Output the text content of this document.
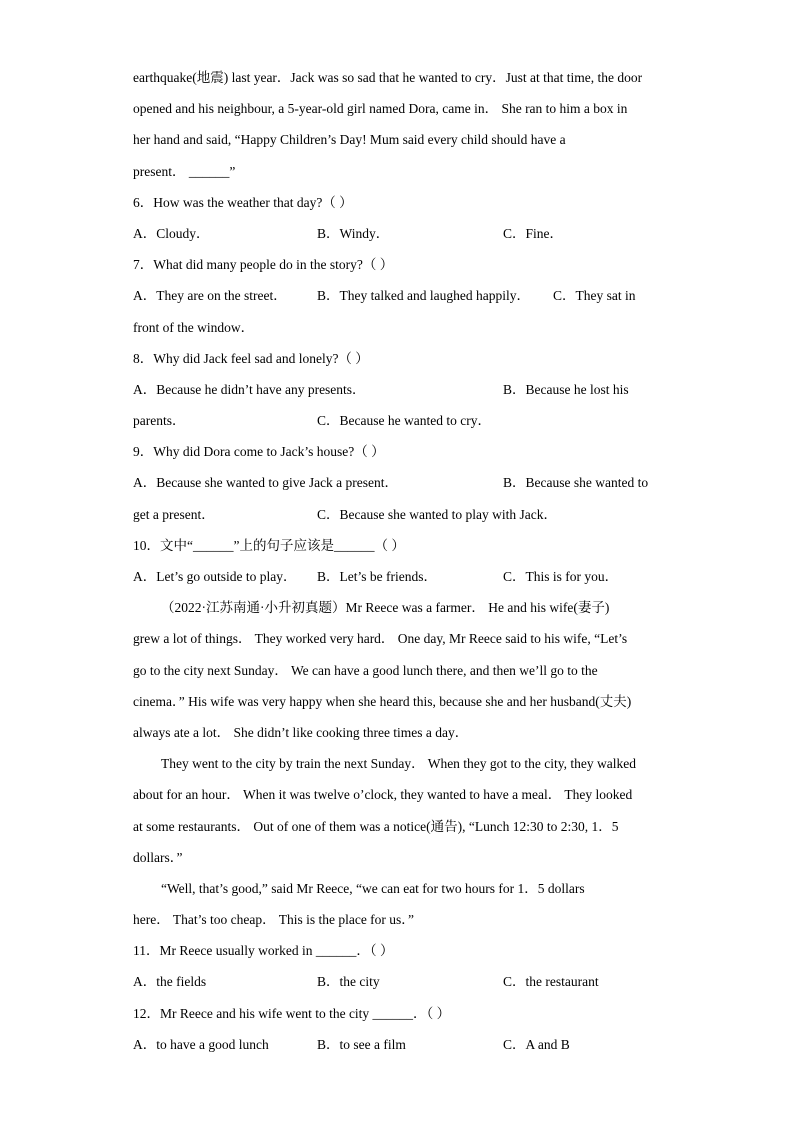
earthquake(地震) last year．Jack was so sad that he wanted to cry．Just at that time, the door
opened and his neighbour, a 5-year-old girl named Dora, came in． She ran to him a box in
her hand and said, “Happy Children’s Day! Mum said every child should have a
present． ______”
6．How was the weather that day?（ ）
A．Cloudy．	B．Windy．	C．Fine．
7．What did many people do in the story?（ ）
A．They are on the street．	B．They talked and laughed happily．	C．They sat in
front of the window．
8．Why did Jack feel sad and lonely?（ ）
A．Because he didn’t have any presents．	B．Because he lost his
parents．	C．Because he wanted to cry．
9．Why did Dora come to Jack’s house?（ ）
A．Because she wanted to give Jack a present．	B．Because she wanted to
get a present．	C．Because she wanted to play with Jack．
10．文中“______”上的句子应该是______（ ）
A．Let’s go outside to play．	B．Let’s be friends．	C．This is for you．
（2022·江苏南通·小升初真题）Mr Reece was a farmer． He and his wife(妻子)
grew a lot of things． They worked very hard． One day, Mr Reece said to his wife, “Let’s
go to the city next Sunday． We can have a good lunch there, and then we’ll go to the
cinema．” His wife was very happy when she heard this, because she and her husband(丈夫)
always ate a lot． She didn’t like cooking three times a day．
They went to the city by train the next Sunday． When they got to the city, they walked
about for an hour． When it was twelve o’clock, they wanted to have a meal． They looked
at some restaurants． Out of one of them was a notice(通告), “Lunch 12:30 to 2:30, 1．5
dollars．”
“Well, that’s good,” said Mr Reece, “we can eat for two hours for 1．5 dollars
here． That’s too cheap． This is the place for us．”
11．Mr Reece usually worked in ______．（ ）
A．the fields	B．the city	C．the restaurant
12．Mr Reece and his wife went to the city ______．（ ）
A．to have a good lunch	B．to see a film	C．A and B
